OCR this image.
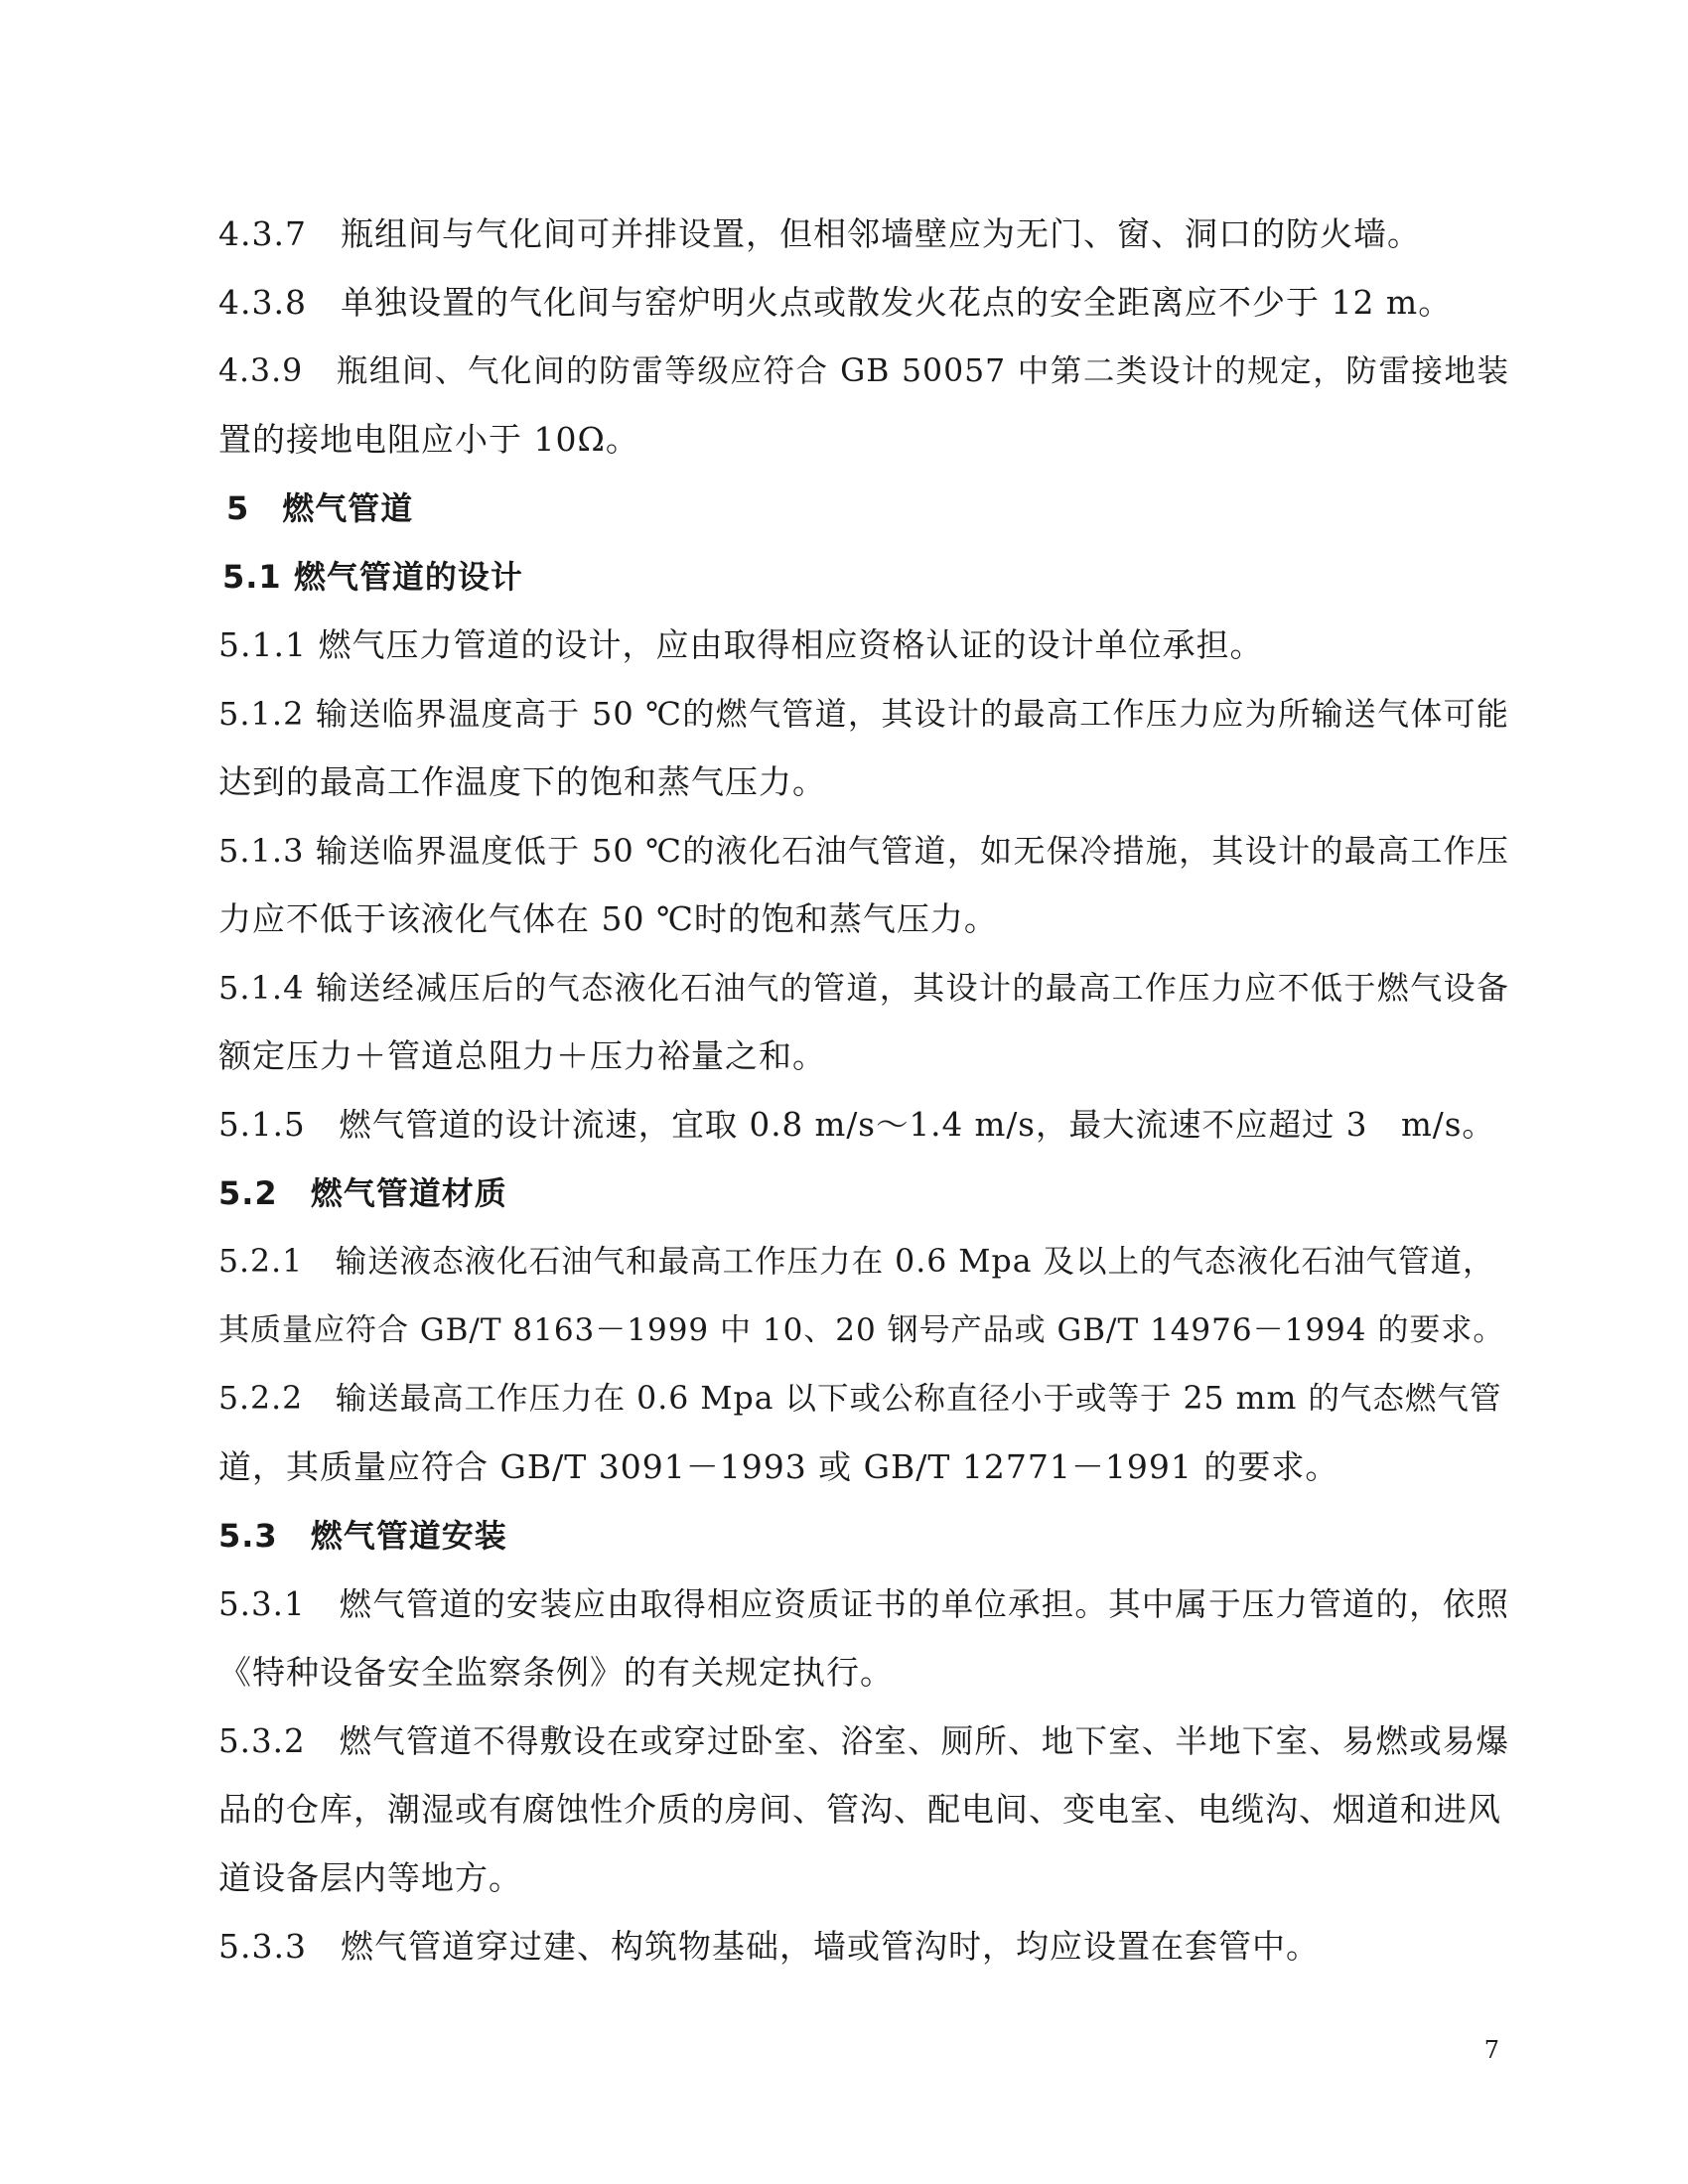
4.3.7　瓶组间与气化间可并排设置，但相邻墙壁应为无门、窗、洞口的防火墙。
4.3.8　单独设置的气化间与窑炉明火点或散发火花点的安全距离应不少于 12 m。
4.3.9　瓶组间、气化间的防雷等级应符合 GB 50057 中第二类设计的规定，防雷接地装
置的接地电阻应小于 10Ω。
5　燃气管道
5.1 燃气管道的设计
5.1.1 燃气压力管道的设计，应由取得相应资格认证的设计单位承担。
5.1.2 输送临界温度高于 50 ℃的燃气管道，其设计的最高工作压力应为所输送气体可能
达到的最高工作温度下的饱和蒸气压力。
5.1.3 输送临界温度低于 50 ℃的液化石油气管道，如无保冷措施，其设计的最高工作压
力应不低于该液化气体在 50 ℃时的饱和蒸气压力。
5.1.4 输送经减压后的气态液化石油气的管道，其设计的最高工作压力应不低于燃气设备
额定压力＋管道总阻力＋压力裕量之和。
5.1.5　燃气管道的设计流速，宜取 0.8 m/s～1.4 m/s，最大流速不应超过 3　m/s。
5.2　燃气管道材质
5.2.1　输送液态液化石油气和最高工作压力在 0.6 Mpa 及以上的气态液化石油气管道，
其质量应符合 GB/T 8163－1999 中 10、20 钢号产品或 GB/T 14976－1994 的要求。
5.2.2　输送最高工作压力在 0.6 Mpa 以下或公称直径小于或等于 25 mm 的气态燃气管
道，其质量应符合 GB/T 3091－1993 或 GB/T 12771－1991 的要求。
5.3　燃气管道安装
5.3.1　燃气管道的安装应由取得相应资质证书的单位承担。其中属于压力管道的，依照
《特种设备安全监察条例》的有关规定执行。
5.3.2　燃气管道不得敷设在或穿过卧室、浴室、厕所、地下室、半地下室、易燃或易爆
品的仓库，潮湿或有腐蚀性介质的房间、管沟、配电间、变电室、电缆沟、烟道和进风
道设备层内等地方。
5.3.3　燃气管道穿过建、构筑物基础，墙或管沟时，均应设置在套管中。
7
